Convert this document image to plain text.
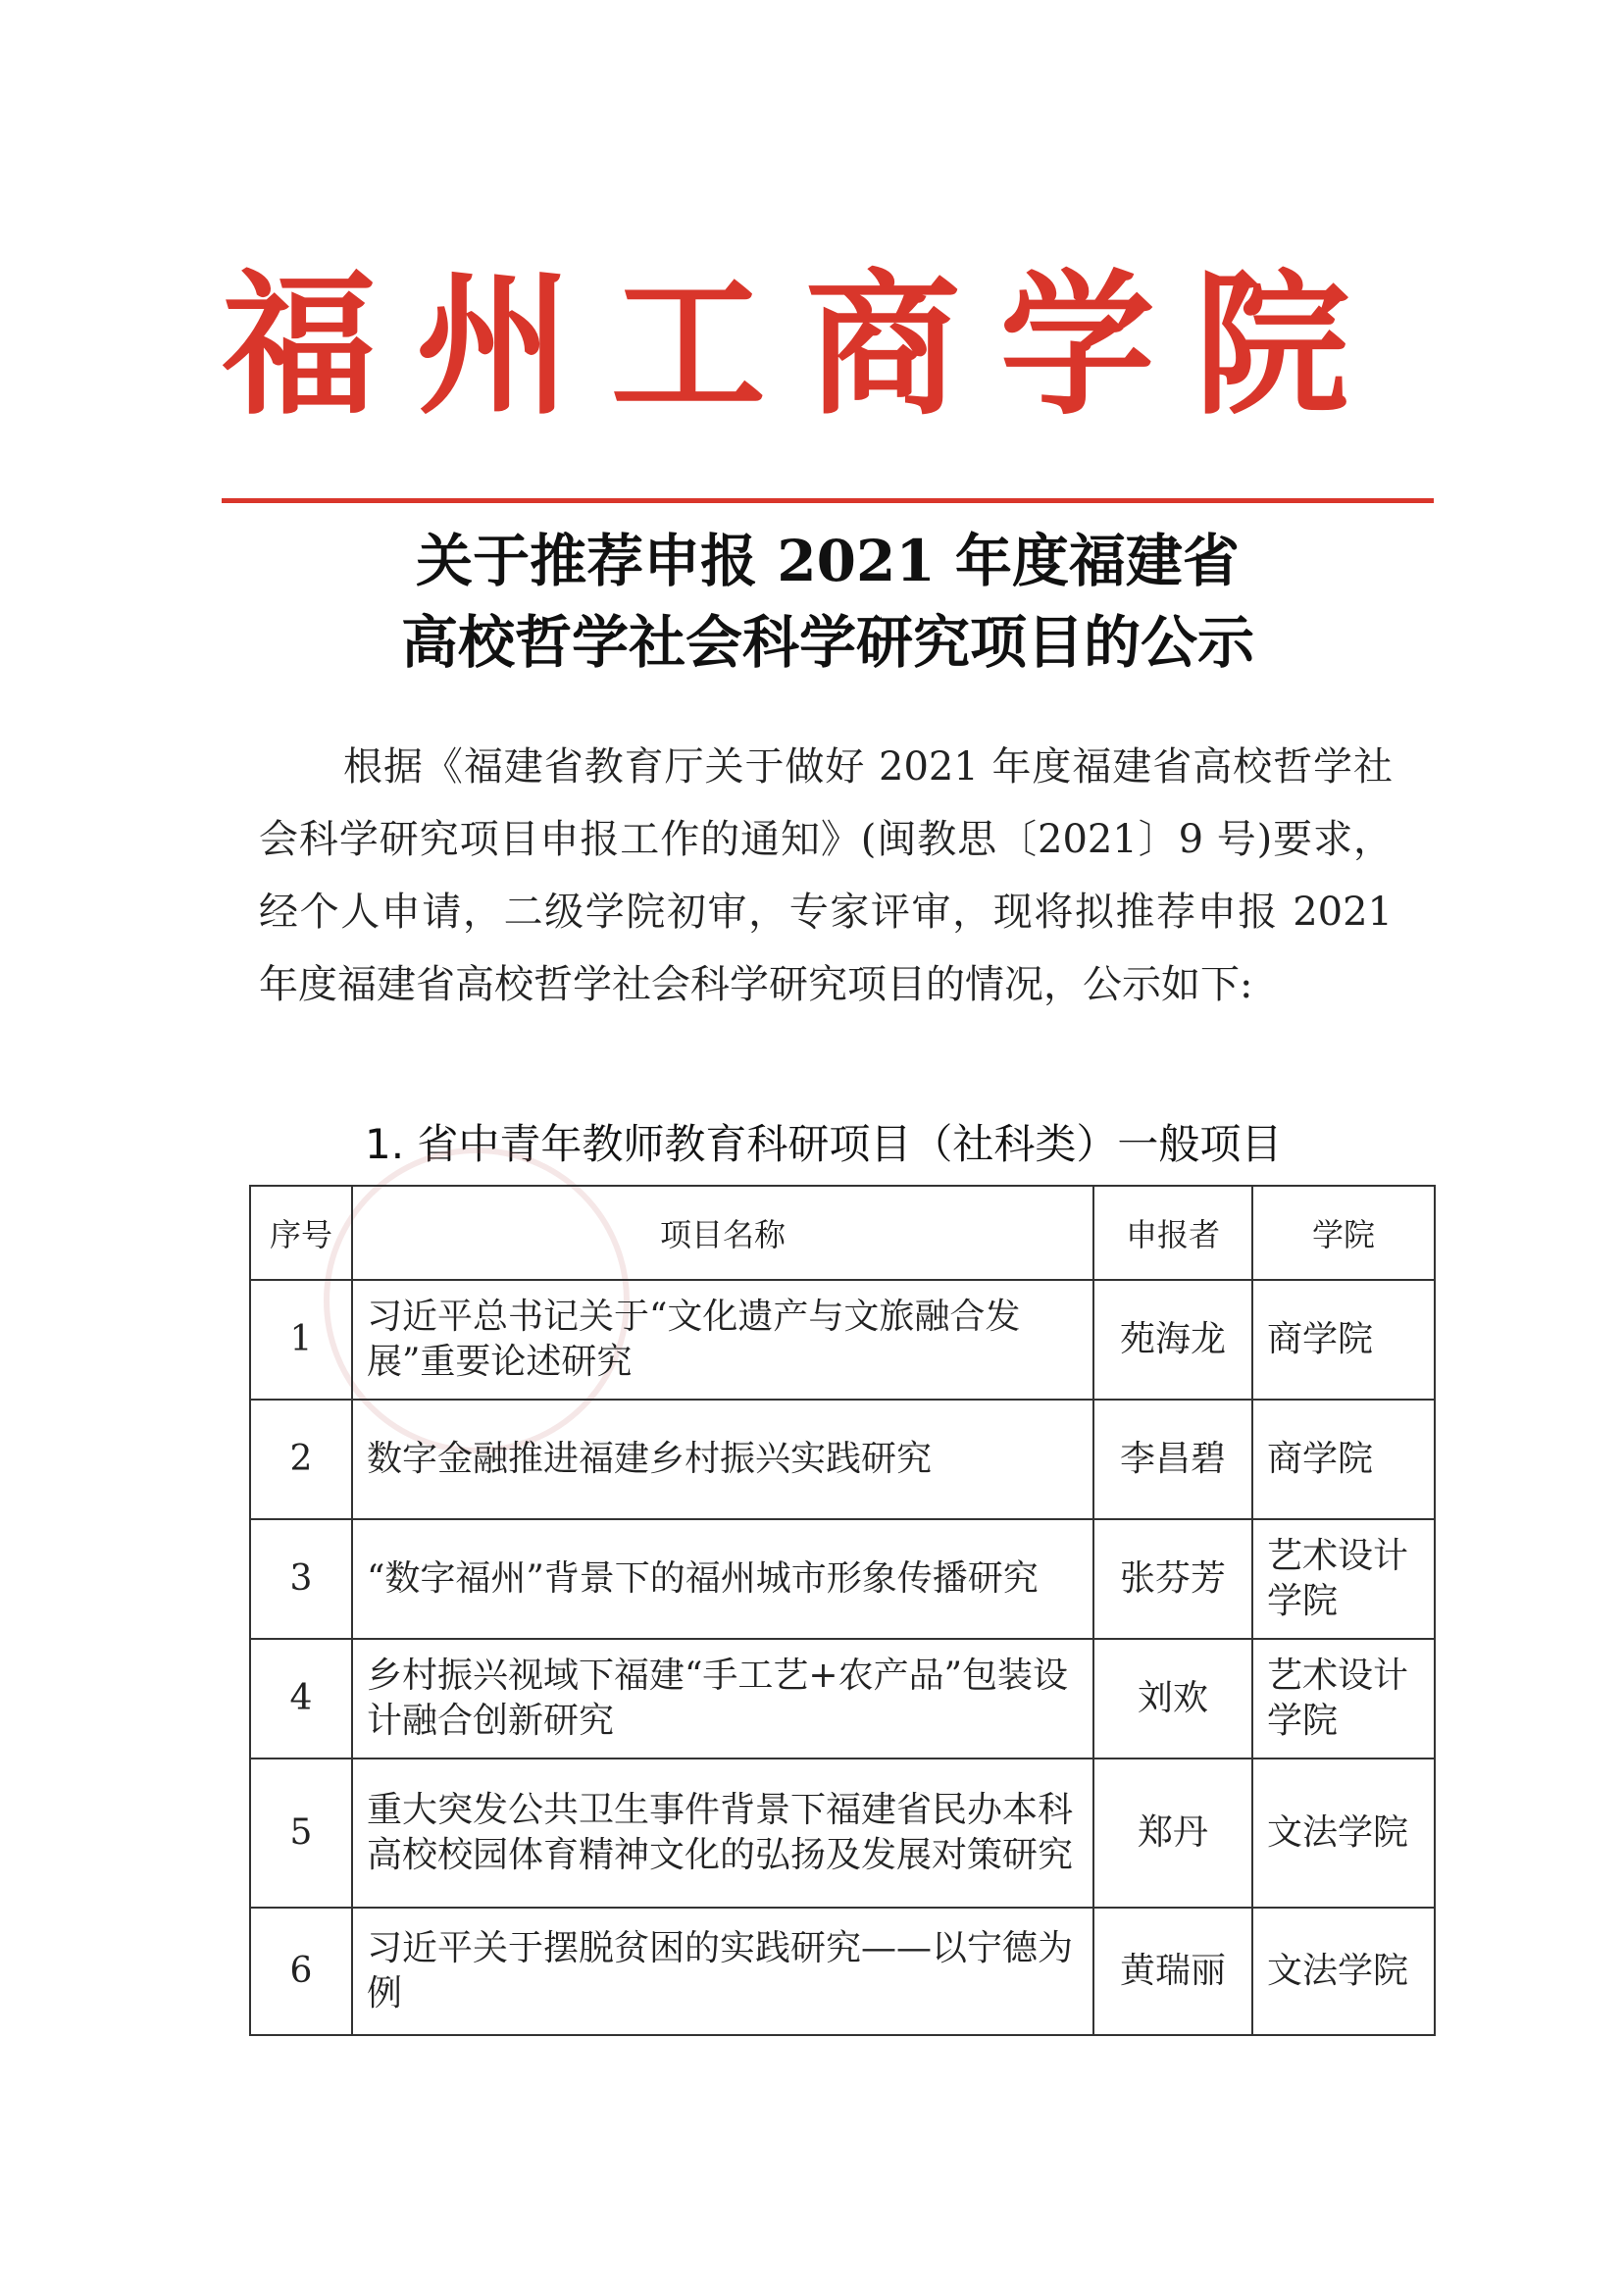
福 州 工 商 学 院
关于推荐申报 2021 年度福建省
高校哲学社会科学研究项目的公示
根据《福建省教育厅关于做好 2021 年度福建省高校哲学社会科学研究项目申报工作的通知》(闽教思〔2021〕9 号)要求，经个人申请，二级学院初审，专家评审，现将拟推荐申报 2021 年度福建省高校哲学社会科学研究项目的情况，公示如下:
1. 省中青年教师教育科研项目（社科类）一般项目
序号	项目名称	申报者	学院
1	习近平总书记关于“文化遗产与文旅融合发展”重要论述研究	苑海龙	商学院
2	数字金融推进福建乡村振兴实践研究	李昌碧	商学院
3	“数字福州”背景下的福州城市形象传播研究	张芬芳	艺术设计学院
4	乡村振兴视域下福建“手工艺+农产品”包装设计融合创新研究	刘欢	艺术设计学院
5	重大突发公共卫生事件背景下福建省民办本科高校校园体育精神文化的弘扬及发展对策研究	郑丹	文法学院
6	习近平关于摆脱贫困的实践研究——以宁德为例	黄瑞丽	文法学院
